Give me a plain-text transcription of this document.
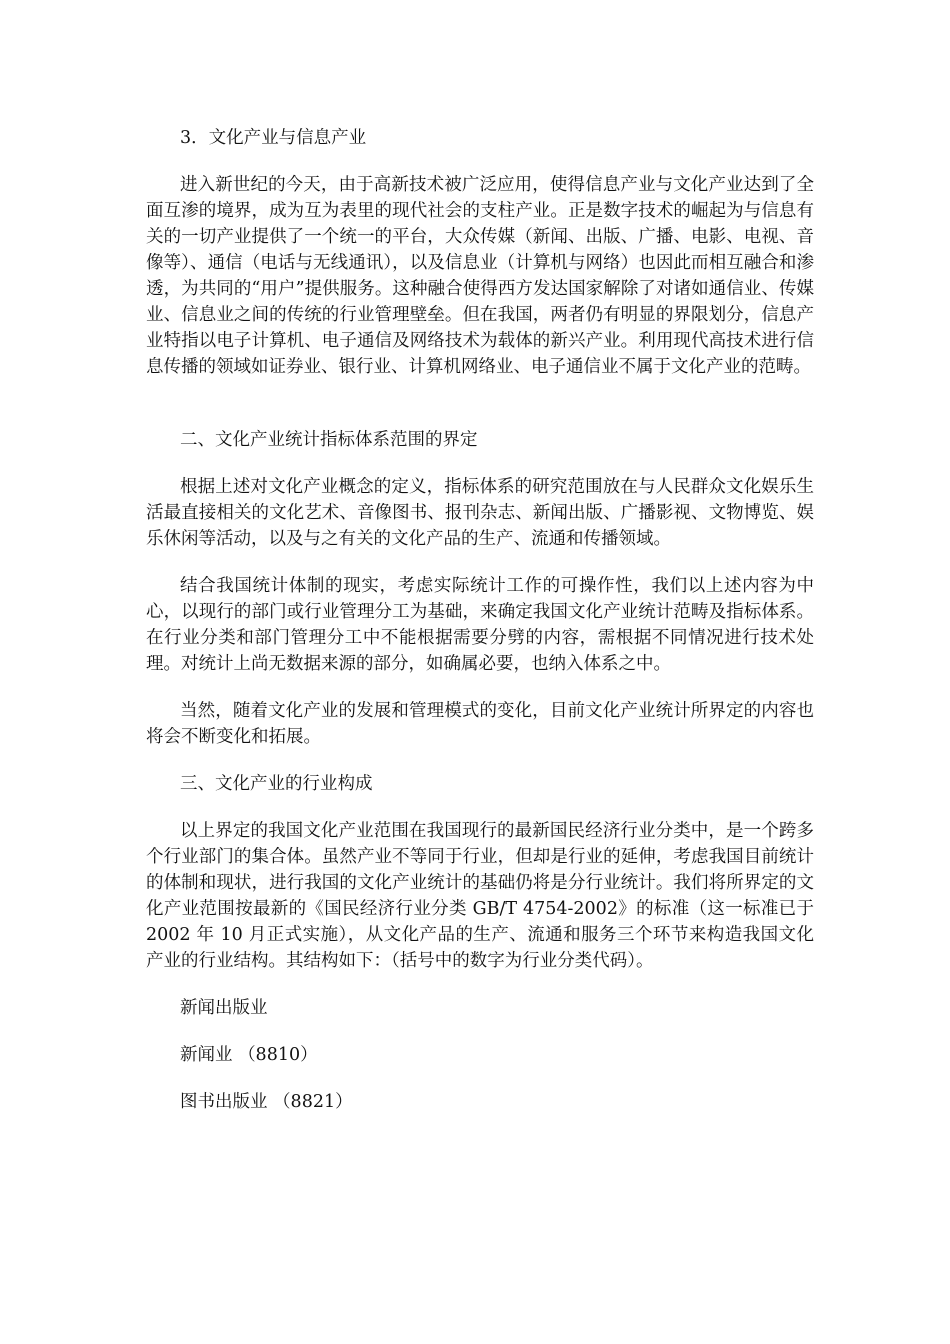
3．文化产业与信息产业

进入新世纪的今天，由于高新技术被广泛应用，使得信息产业与文化产业达到了全面互渗的境界，成为互为表里的现代社会的支柱产业。正是数字技术的崛起为与信息有关的一切产业提供了一个统一的平台，大众传媒（新闻、出版、广播、电影、电视、音像等）、通信（电话与无线通讯），以及信息业（计算机与网络）也因此而相互融合和渗透，为共同的“用户”提供服务。这种融合使得西方发达国家解除了对诸如通信业、传媒业、信息业之间的传统的行业管理壁垒。但在我国，两者仍有明显的界限划分，信息产业特指以电子计算机、电子通信及网络技术为载体的新兴产业。利用现代高技术进行信息传播的领域如证券业、银行业、计算机网络业、电子通信业不属于文化产业的范畴。

二、文化产业统计指标体系范围的界定

根据上述对文化产业概念的定义，指标体系的研究范围放在与人民群众文化娱乐生活最直接相关的文化艺术、音像图书、报刊杂志、新闻出版、广播影视、文物博览、娱乐休闲等活动，以及与之有关的文化产品的生产、流通和传播领域。

结合我国统计体制的现实，考虑实际统计工作的可操作性，我们以上述内容为中心，以现行的部门或行业管理分工为基础，来确定我国文化产业统计范畴及指标体系。在行业分类和部门管理分工中不能根据需要分劈的内容，需根据不同情况进行技术处理。对统计上尚无数据来源的部分，如确属必要，也纳入体系之中。

当然，随着文化产业的发展和管理模式的变化，目前文化产业统计所界定的内容也将会不断变化和拓展。

三、文化产业的行业构成

以上界定的我国文化产业范围在我国现行的最新国民经济行业分类中，是一个跨多个行业部门的集合体。虽然产业不等同于行业，但却是行业的延伸，考虑我国目前统计的体制和现状，进行我国的文化产业统计的基础仍将是分行业统计。我们将所界定的文化产业范围按最新的《国民经济行业分类 GB/T 4754-2002》的标准（这一标准已于 2002 年 10 月正式实施），从文化产品的生产、流通和服务三个环节来构造我国文化产业的行业结构。其结构如下：（括号中的数字为行业分类代码）。

新闻出版业

新闻业 （8810）

图书出版业 （8821）
